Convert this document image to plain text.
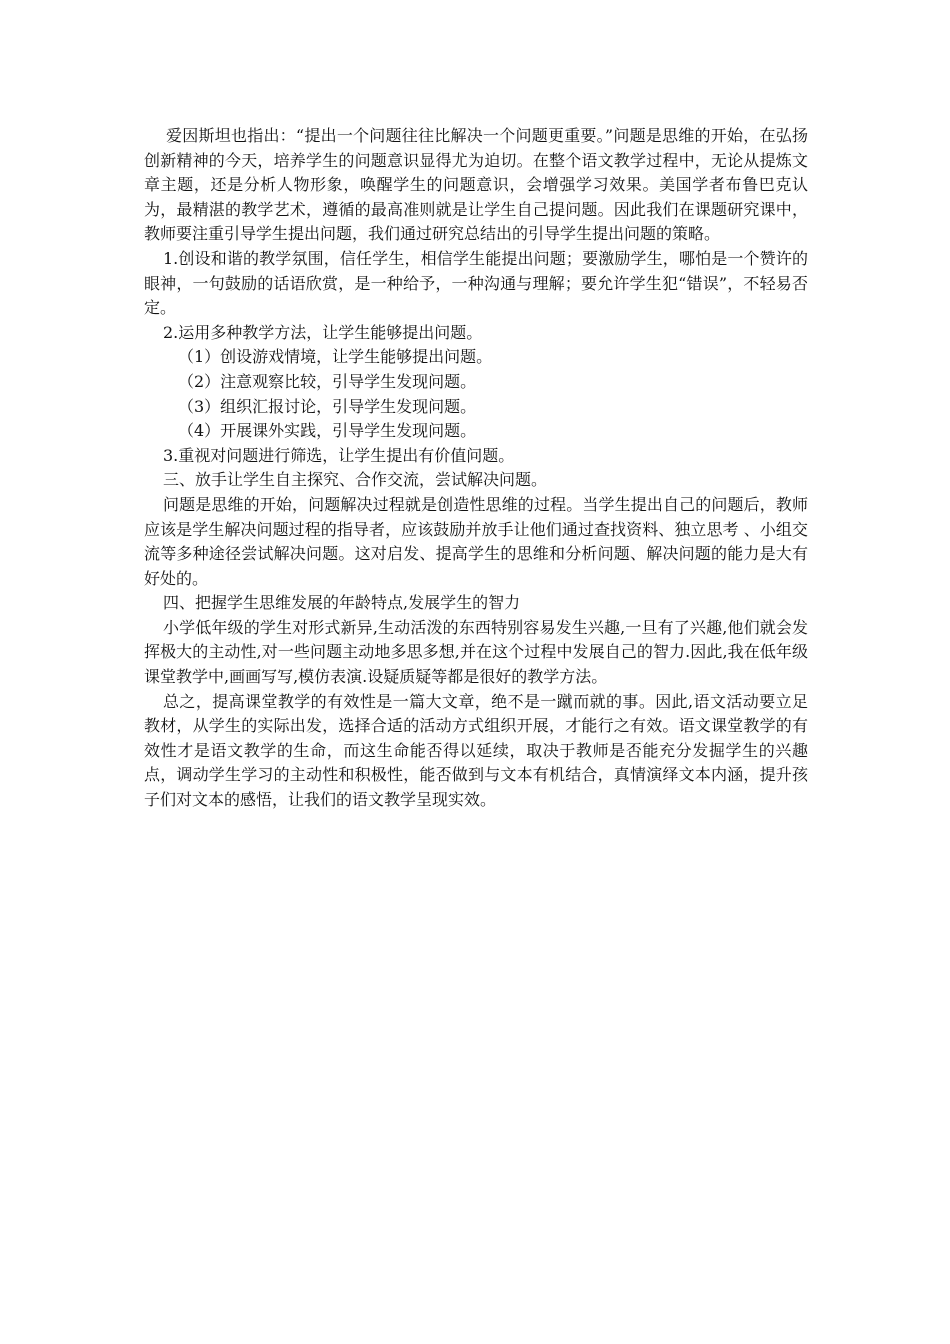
爱因斯坦也指出：“提出一个问题往往比解决一个问题更重要。”问题是思维的开始，在弘扬创新精神的今天，培养学生的问题意识显得尤为迫切。在整个语文教学过程中，无论从提炼文章主题，还是分析人物形象，唤醒学生的问题意识，会增强学习效果。美国学者布鲁巴克认为，最精湛的教学艺术，遵循的最高准则就是让学生自己提问题。因此我们在课题研究课中，教师要注重引导学生提出问题，我们通过研究总结出的引导学生提出问题的策略。

1.创设和谐的教学氛围，信任学生，相信学生能提出问题；要激励学生，哪怕是一个赞许的眼神，一句鼓励的话语欣赏，是一种给予，一种沟通与理解；要允许学生犯“错误”，不轻易否定。

2.运用多种教学方法，让学生能够提出问题。

（1）创设游戏情境，让学生能够提出问题。

（2）注意观察比较，引导学生发现问题。

（3）组织汇报讨论，引导学生发现问题。

（4）开展课外实践，引导学生发现问题。

3.重视对问题进行筛选，让学生提出有价值问题。

三、放手让学生自主探究、合作交流，尝试解决问题。

问题是思维的开始，问题解决过程就是创造性思维的过程。当学生提出自己的问题后，教师应该是学生解决问题过程的指导者，应该鼓励并放手让他们通过查找资料、独立思考 、小组交流等多种途径尝试解决问题。这对启发、提高学生的思维和分析问题、解决问题的能力是大有好处的。

四、把握学生思维发展的年龄特点,发展学生的智力

小学低年级的学生对形式新异,生动活泼的东西特别容易发生兴趣,一旦有了兴趣,他们就会发挥极大的主动性,对一些问题主动地多思多想,并在这个过程中发展自己的智力.因此,我在低年级课堂教学中,画画写写,模仿表演.设疑质疑等都是很好的教学方法。

总之，提高课堂教学的有效性是一篇大文章，绝不是一蹴而就的事。因此,语文活动要立足教材，从学生的实际出发，选择合适的活动方式组织开展，才能行之有效。语文课堂教学的有效性才是语文教学的生命，而这生命能否得以延续，取决于教师是否能充分发掘学生的兴趣点，调动学生学习的主动性和积极性，能否做到与文本有机结合，真情演绎文本内涵，提升孩子们对文本的感悟，让我们的语文教学呈现实效。
